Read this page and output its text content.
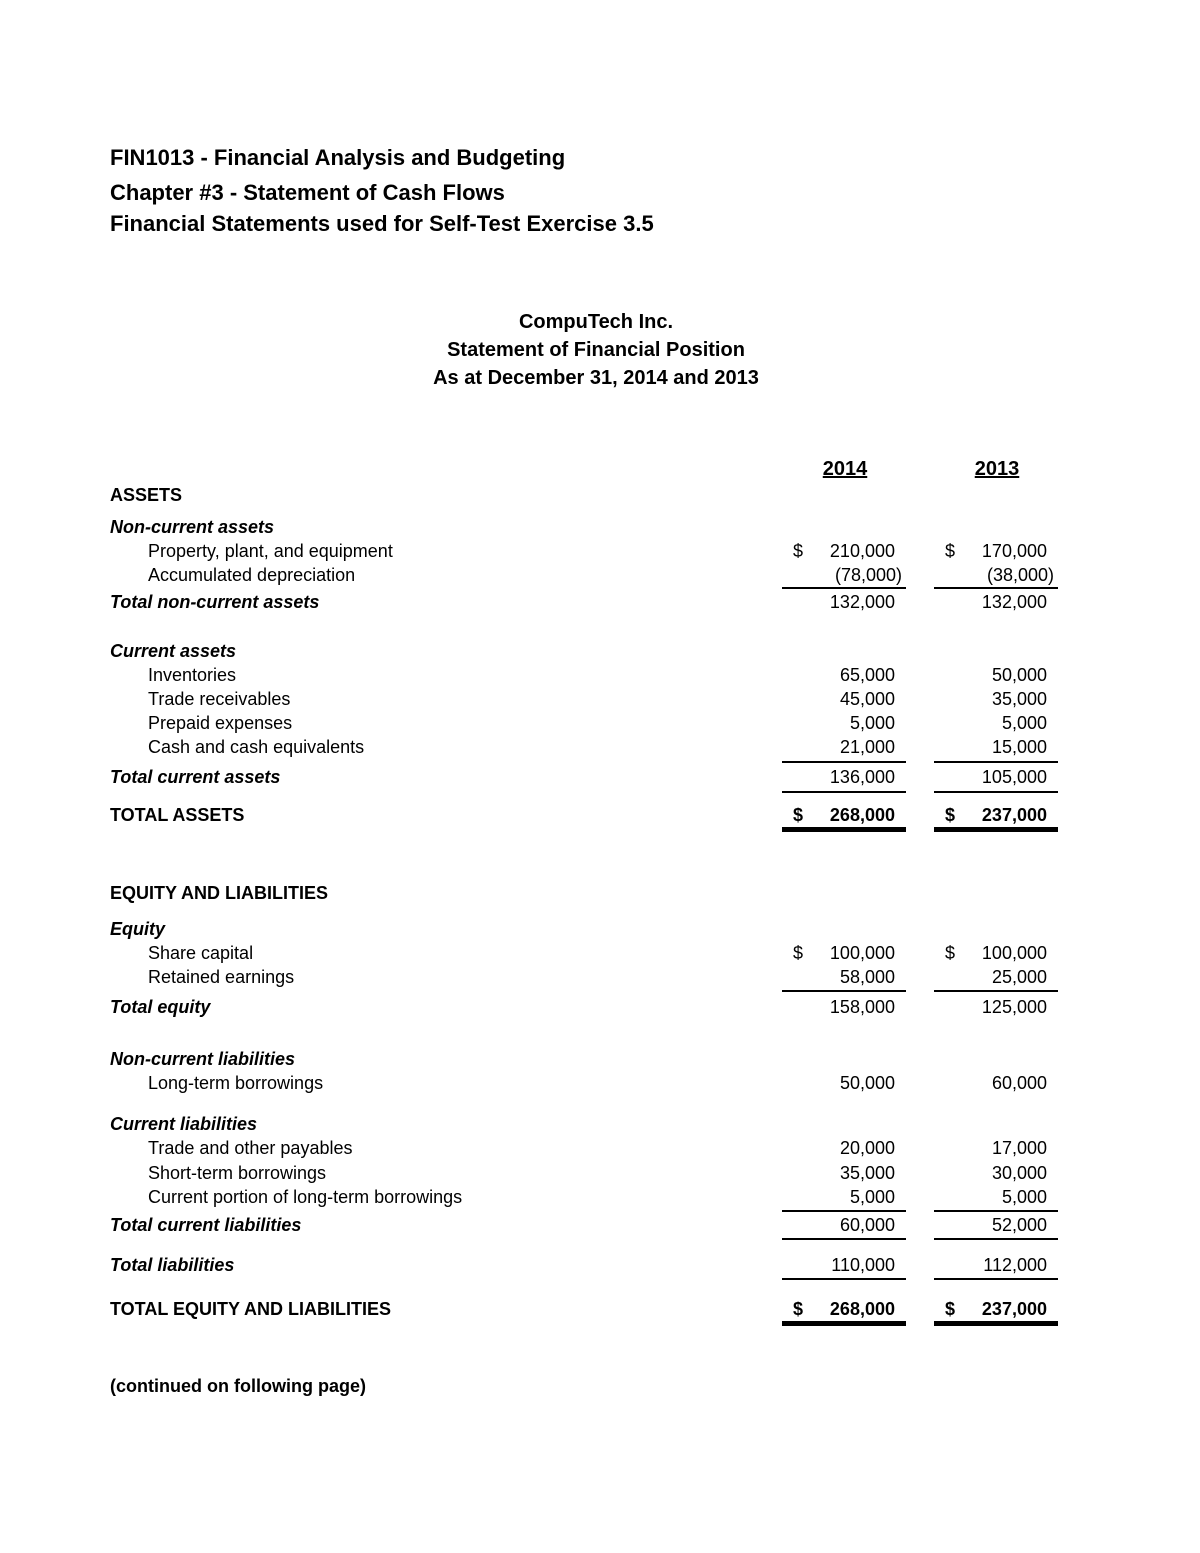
FIN1013 - Financial Analysis and Budgeting
Chapter #3 - Statement of Cash Flows
Financial Statements used for Self-Test Exercise 3.5
CompuTech Inc.
Statement of Financial Position
As at December 31, 2014 and 2013
2014	2013
ASSETS
Non-current assets
Property, plant, and equipment	$	210,000	$	170,000
Accumulated depreciation	(78,000)	(38,000)
Total non-current assets	132,000	132,000
Current assets
Inventories	65,000	50,000
Trade receivables	45,000	35,000
Prepaid expenses	5,000	5,000
Cash and cash equivalents	21,000	15,000
Total current assets	136,000	105,000
TOTAL ASSETS	$	268,000	$	237,000
EQUITY AND LIABILITIES
Equity
Share capital	$	100,000	$	100,000
Retained earnings	58,000	25,000
Total equity	158,000	125,000
Non-current liabilities
Long-term borrowings	50,000	60,000
Current liabilities
Trade and other payables	20,000	17,000
Short-term borrowings	35,000	30,000
Current portion of long-term borrowings	5,000	5,000
Total current liabilities	60,000	52,000
Total liabilities	110,000	112,000
TOTAL EQUITY AND LIABILITIES	$	268,000	$	237,000
(continued on following page)
